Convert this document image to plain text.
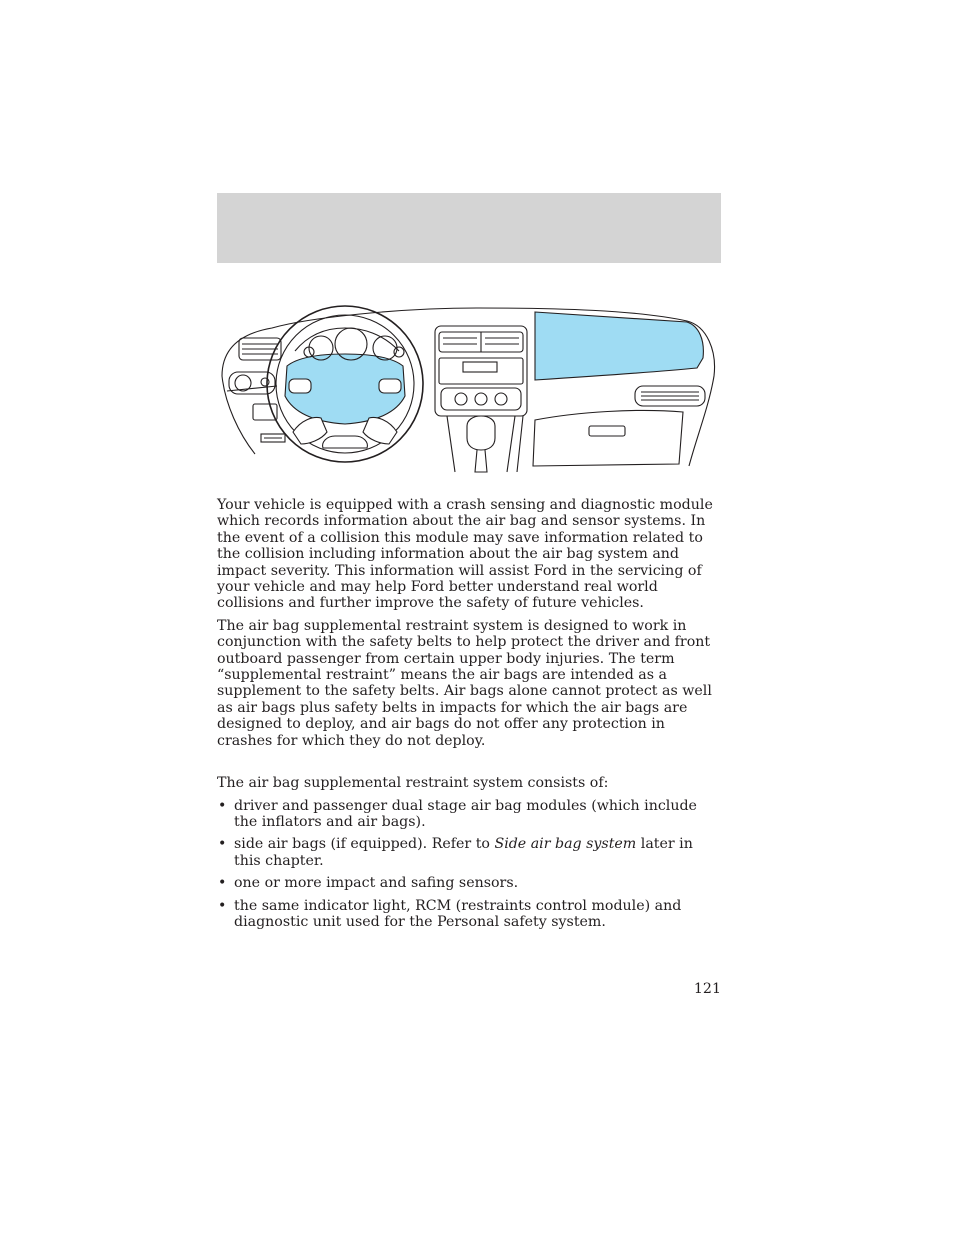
Your vehicle is equipped with a crash sensing and diagnostic module which records information about the air bag and sensor systems. In the event of a collision this module may save information related to the collision including information about the air bag system and impact severity. This information will assist Ford in the servicing of your vehicle and may help Ford better understand real world collisions and further improve the safety of future vehicles.

The air bag supplemental restraint system is designed to work in conjunction with the safety belts to help protect the driver and front outboard passenger from certain upper body injuries. The term “supplemental restraint” means the air bags are intended as a supplement to the safety belts. Air bags alone cannot protect as well as air bags plus safety belts in impacts for which the air bags are designed to deploy, and air bags do not offer any protection in crashes for which they do not deploy.

The air bag supplemental restraint system consists of:

• driver and passenger dual stage air bag modules (which include the inflators and air bags).
• side air bags (if equipped). Refer to Side air bag system later in this chapter.
• one or more impact and safing sensors.
• the same indicator light, RCM (restraints control module) and diagnostic unit used for the Personal safety system.
121
